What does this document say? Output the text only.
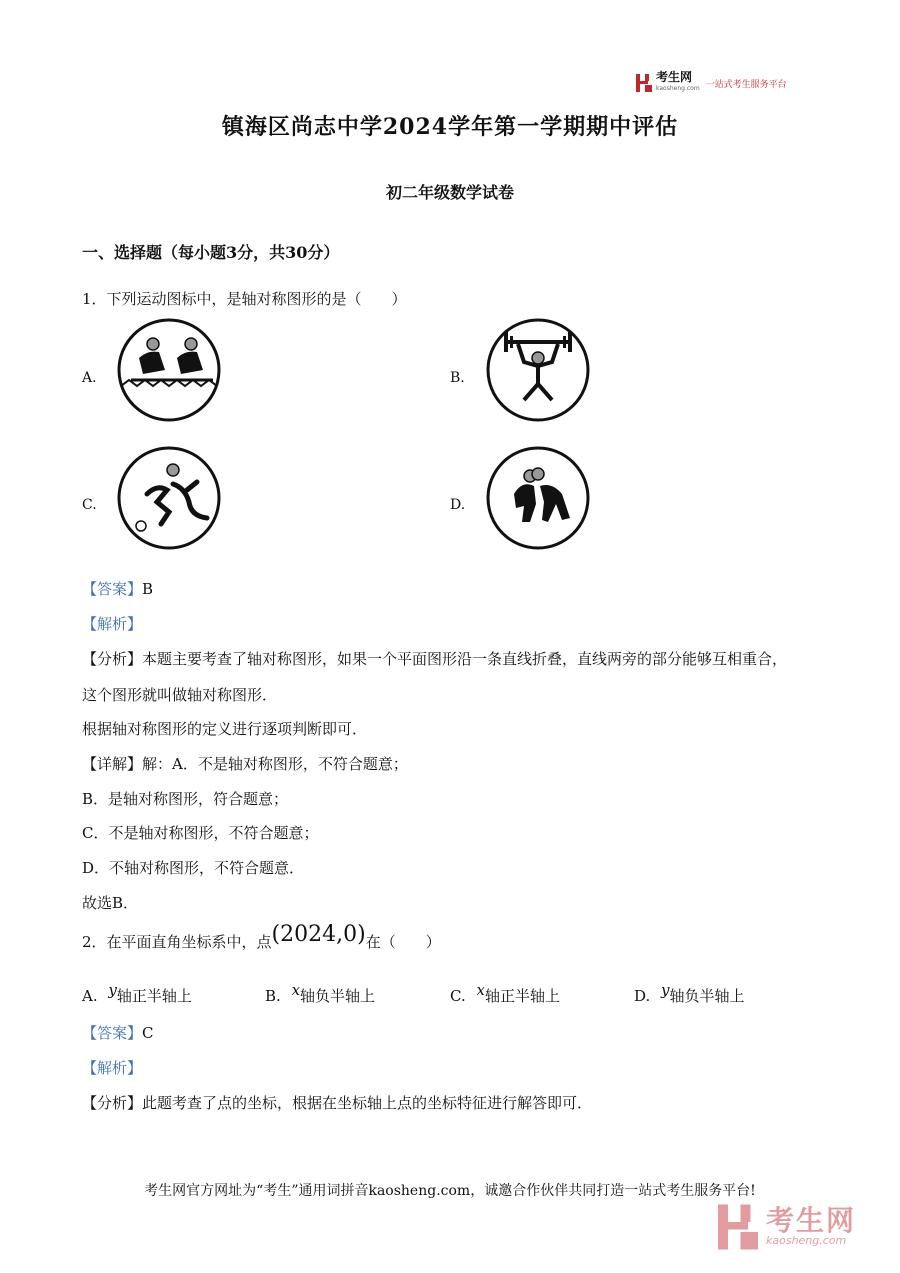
考生网
kaosheng.com 一站式考生服务平台
镇海区尚志中学2024学年第一学期期中评估
初二年级数学试卷
一、选择题（每小题3分，共30分）
1．下列运动图标中，是轴对称图形的是（　　）
A.	B.
C.	D.
【答案】B
【解析】
【分析】本题主要考查了轴对称图形，如果一个平面图形沿一条直线折叠，直线两旁的部分能够互相重合，
这个图形就叫做轴对称图形．
根据轴对称图形的定义进行逐项判断即可．
【详解】解：A．不是轴对称图形，不符合题意；
B．是轴对称图形，符合题意；
C．不是轴对称图形，不符合题意；
D．不轴对称图形，不符合题意．
故选B．
2．在平面直角坐标系中，点(2024,0)在（　　）
A. y轴正半轴上	B. x轴负半轴上	C. x轴正半轴上	D. y轴负半轴上
【答案】C
【解析】
【分析】此题考查了点的坐标，根据在坐标轴上点的坐标特征进行解答即可．
考生网官方网址为“考生”通用词拼音kaosheng.com，诚邀合作伙伴共同打造一站式考生服务平台!
考生网
kaosheng.com
